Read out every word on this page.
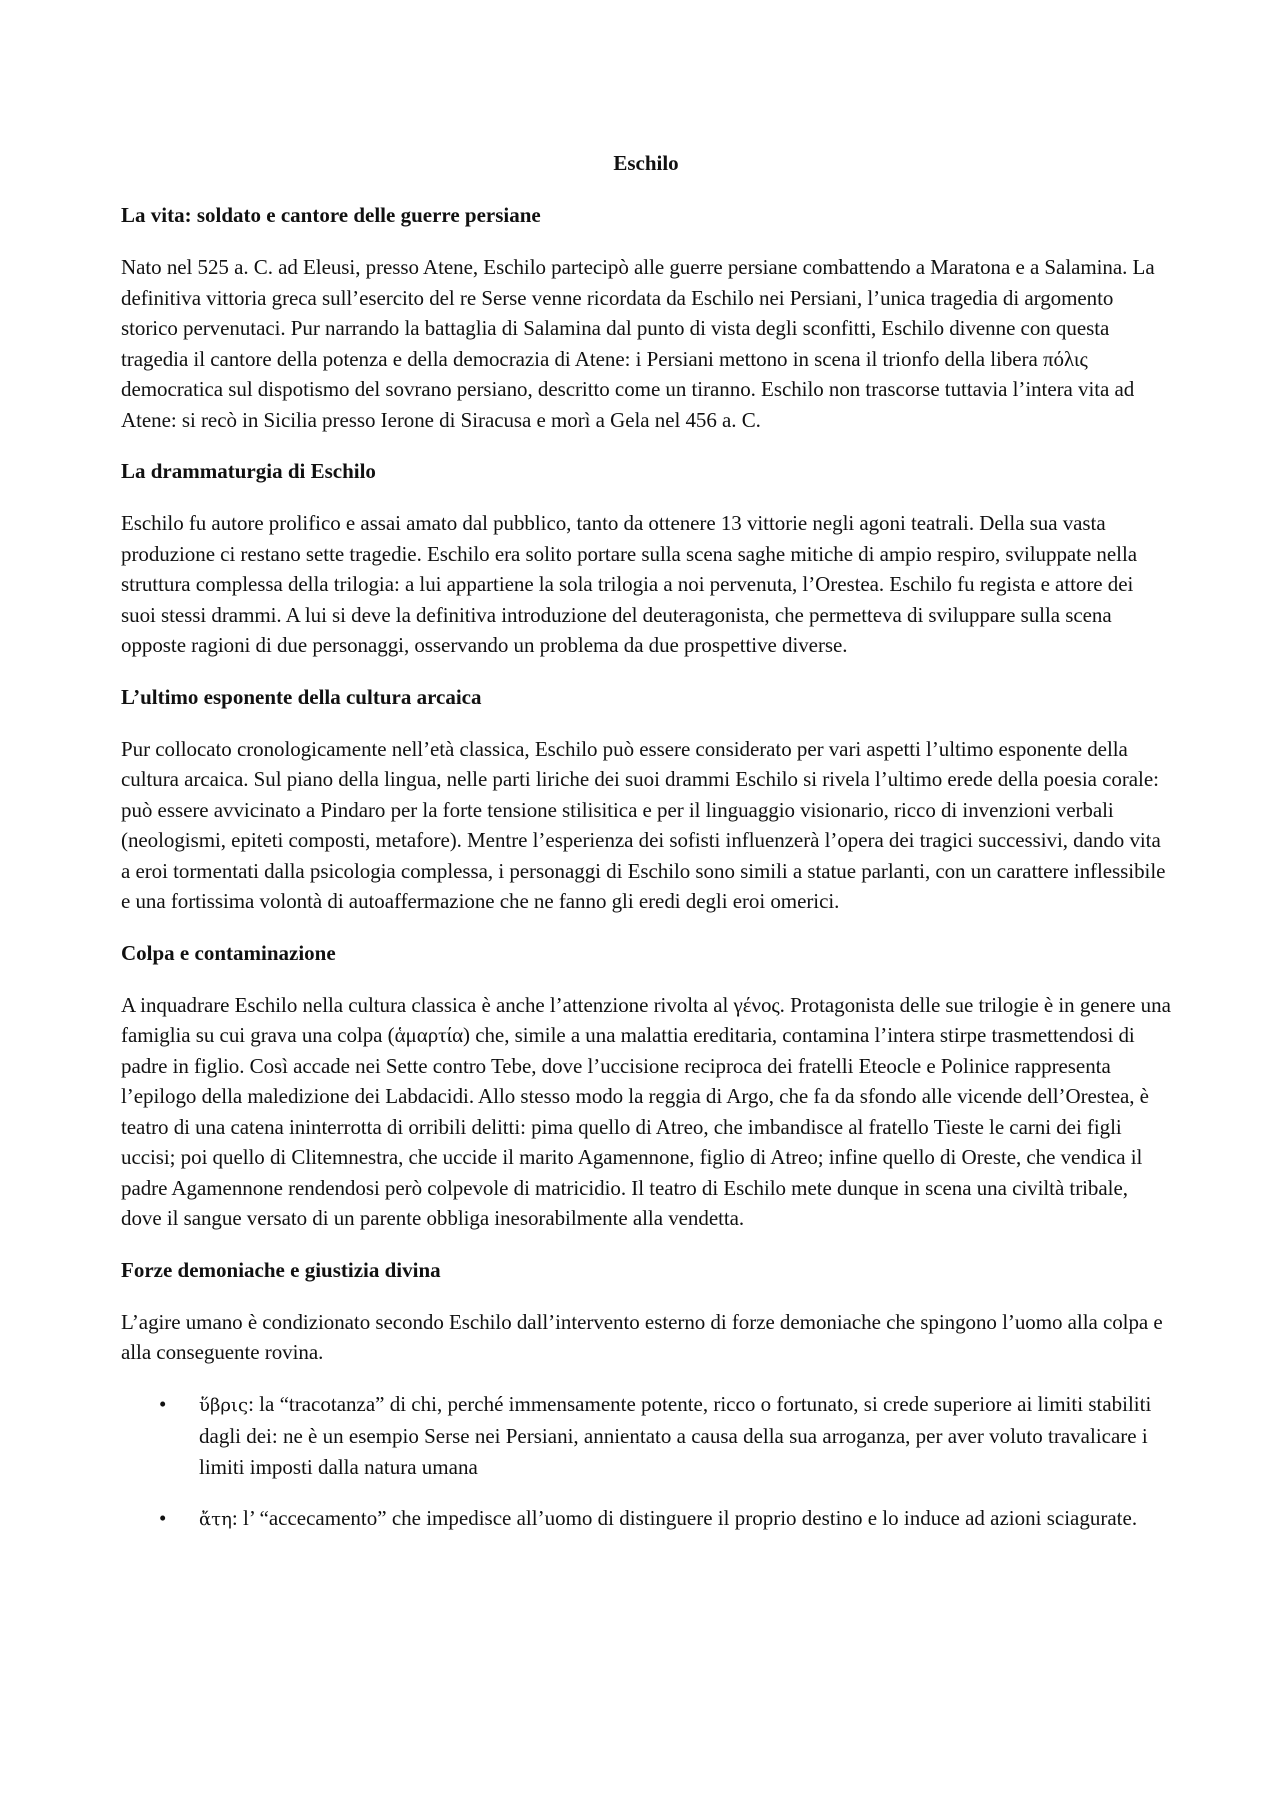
Eschilo
La vita: soldato e cantore delle guerre persiane

Nato nel 525 a. C. ad Eleusi, presso Atene, Eschilo partecipò alle guerre persiane combattendo a Maratona e a Salamina. La definitiva vittoria greca sull’esercito del re Serse venne ricordata da Eschilo nei Persiani, l’unica tragedia di argomento storico pervenutaci. Pur narrando la battaglia di Salamina dal punto di vista degli sconfitti, Eschilo divenne con questa tragedia il cantore della potenza e della democrazia di Atene: i Persiani mettono in scena il trionfo della libera πόλις democratica sul dispotismo del sovrano persiano, descritto come un tiranno. Eschilo non trascorse tuttavia l’intera vita ad Atene: si recò in Sicilia presso Ierone di Siracusa e morì a Gela nel 456 a. C.

La drammaturgia di Eschilo

Eschilo fu autore prolifico e assai amato dal pubblico, tanto da ottenere 13 vittorie negli agoni teatrali. Della sua vasta produzione ci restano sette tragedie. Eschilo era solito portare sulla scena saghe mitiche di ampio respiro, sviluppate nella struttura complessa della trilogia: a lui appartiene la sola trilogia a noi pervenuta, l’Orestea. Eschilo fu regista e attore dei suoi stessi drammi. A lui si deve la definitiva introduzione del deuteragonista, che permetteva di sviluppare sulla scena opposte ragioni di due personaggi, osservando un problema da due prospettive diverse.

L’ultimo esponente della cultura arcaica

Pur collocato cronologicamente nell’età classica, Eschilo può essere considerato per vari aspetti l’ultimo esponente della cultura arcaica. Sul piano della lingua, nelle parti liriche dei suoi drammi Eschilo si rivela l’ultimo erede della poesia corale: può essere avvicinato a Pindaro per la forte tensione stilisitica e per il linguaggio visionario, ricco di invenzioni verbali (neologismi, epiteti composti, metafore). Mentre l’esperienza dei sofisti influenzerà l’opera dei tragici successivi, dando vita a eroi tormentati dalla psicologia complessa, i personaggi di Eschilo sono simili a statue parlanti, con un carattere inflessibile e una fortissima volontà di autoaffermazione che ne fanno gli eredi degli eroi omerici.

Colpa e contaminazione

A inquadrare Eschilo nella cultura classica è anche l’attenzione rivolta al γένος. Protagonista delle sue trilogie è in genere una famiglia su cui grava una colpa (ἁμαρτία) che, simile a una malattia ereditaria, contamina l’intera stirpe trasmettendosi di padre in figlio. Così accade nei Sette contro Tebe, dove l’uccisione reciproca dei fratelli Eteocle e Polinice rappresenta l’epilogo della maledizione dei Labdacidi. Allo stesso modo la reggia di Argo, che fa da sfondo alle vicende dell’Orestea, è teatro di una catena ininterrotta di orribili delitti: pima quello di Atreo, che imbandisce al fratello Tieste le carni dei figli uccisi; poi quello di Clitemnestra, che uccide il marito Agamennone, figlio di Atreo; infine quello di Oreste, che vendica il padre Agamennone rendendosi però colpevole di matricidio. Il teatro di Eschilo mete dunque in scena una civiltà tribale, dove il sangue versato di un parente obbliga inesorabilmente alla vendetta.

Forze demoniache e giustizia divina

L’agire umano è condizionato secondo Eschilo dall’intervento esterno di forze demoniache che spingono l’uomo alla colpa e alla conseguente rovina.

• ὕβρις: la “tracotanza” di chi, perché immensamente potente, ricco o fortunato, si crede superiore ai limiti stabiliti dagli dei: ne è un esempio Serse nei Persiani, annientato a causa della sua arroganza, per aver voluto travalicare i limiti imposti dalla natura umana
• ἄτη: l’ “accecamento” che impedisce all’uomo di distinguere il proprio destino e lo induce ad azioni sciagurate.
